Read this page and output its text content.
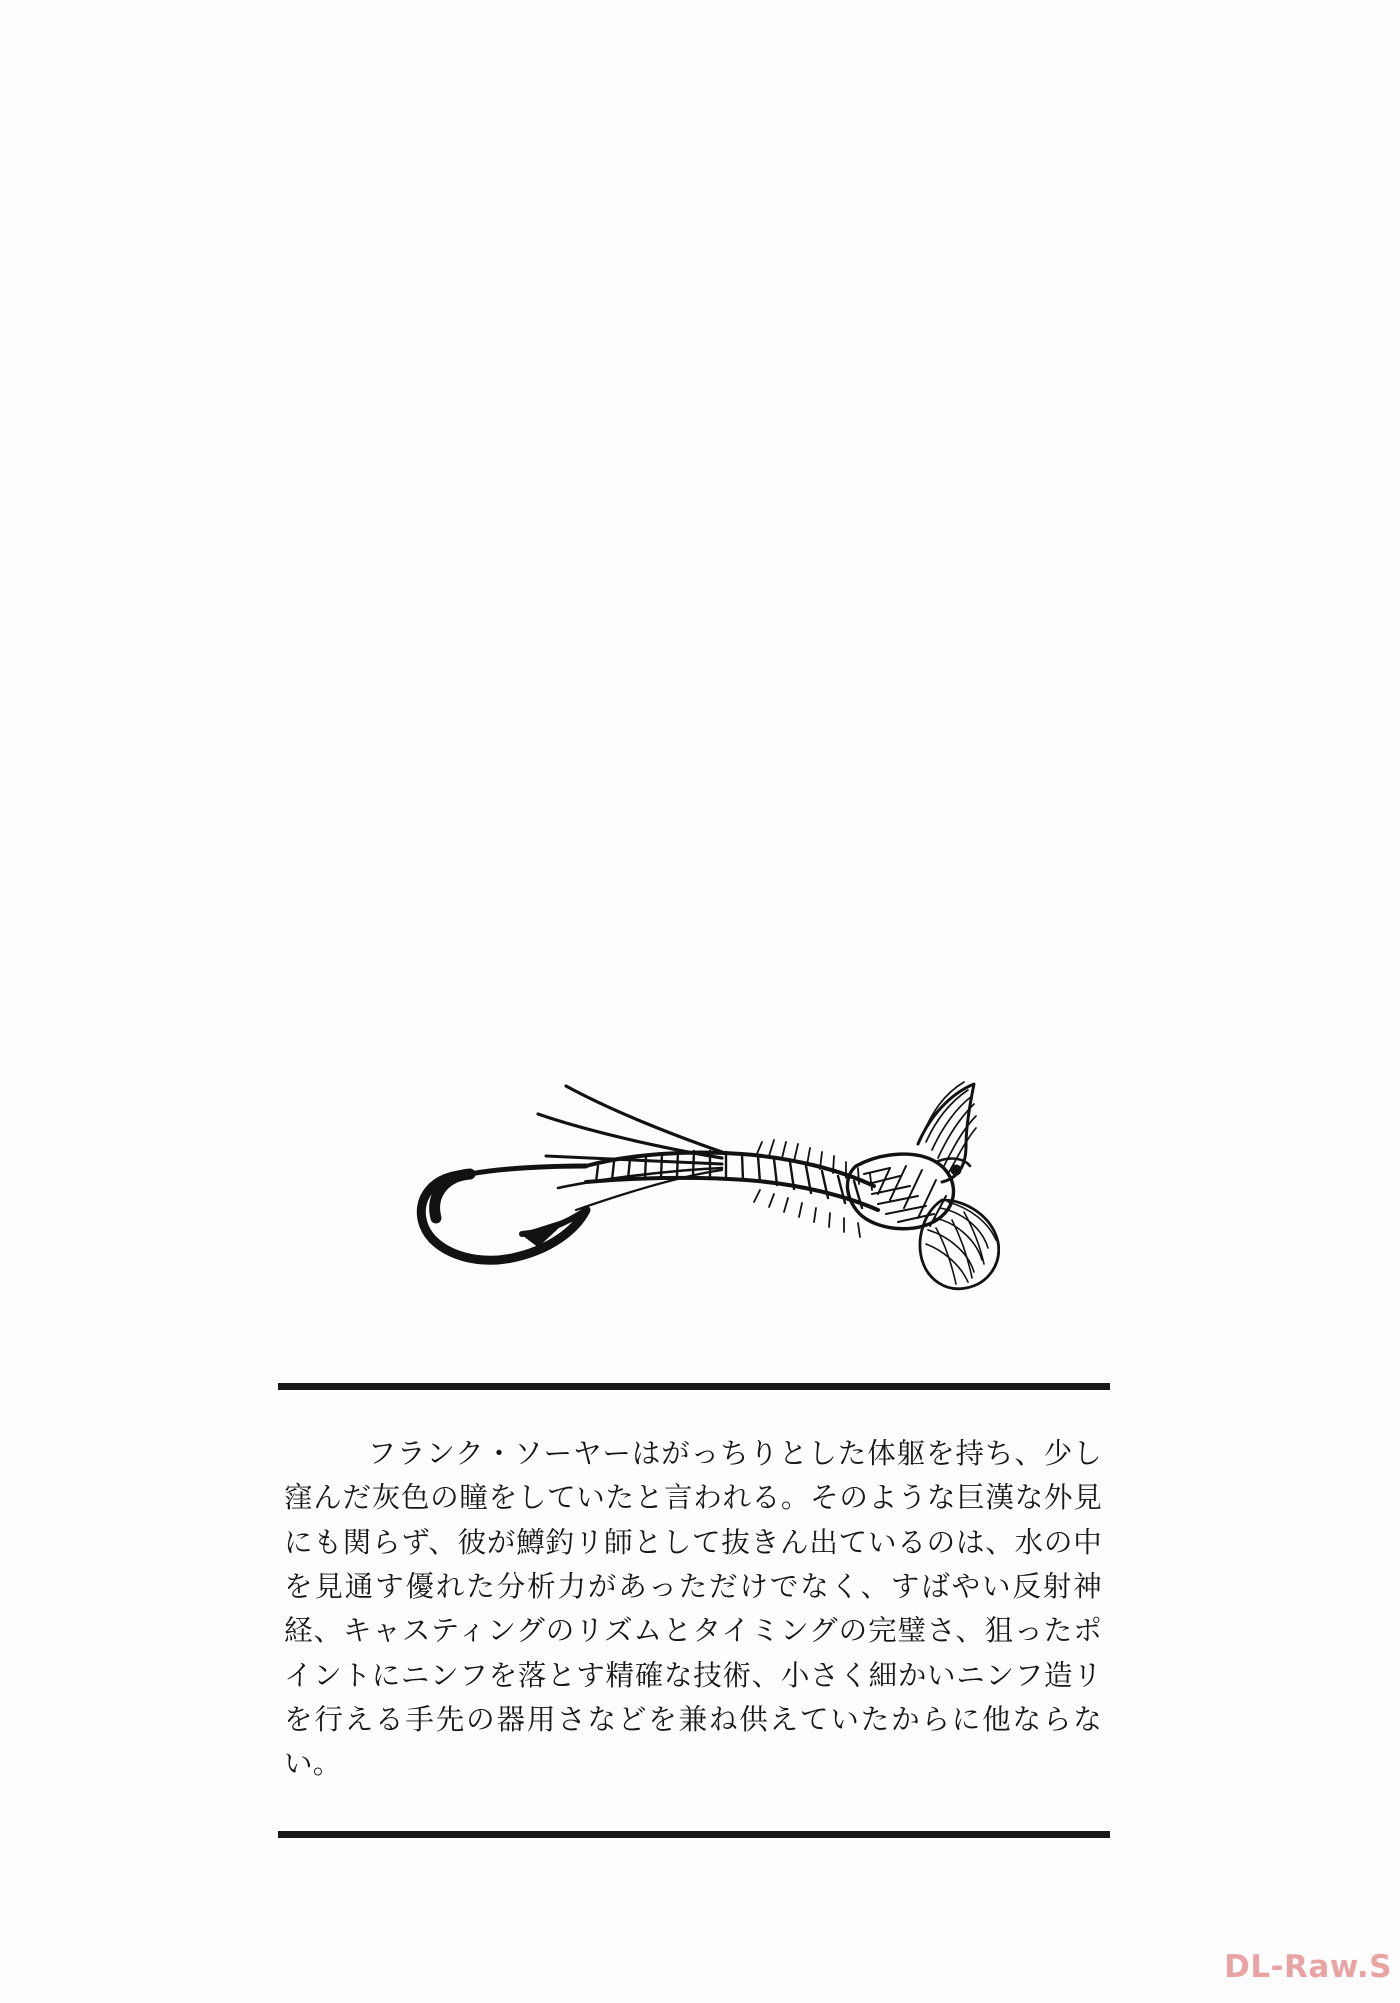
　フランク・ソーヤーはがっちりとした体躯を持ち、少し窪んだ灰色の瞳をしていたと言われる。そのような巨漢な外見にも関らず、彼が鱒釣リ師として抜きん出ているのは、水の中を見通す優れた分析力があっただけでなく、すばやい反射神経、キャスティングのリズムとタイミングの完璧さ、狙ったポイントにニンフを落とす精確な技術、小さく細かいニンフ造リを行える手先の器用さなどを兼ね供えていたからに他ならない。

DL-Raw.S
